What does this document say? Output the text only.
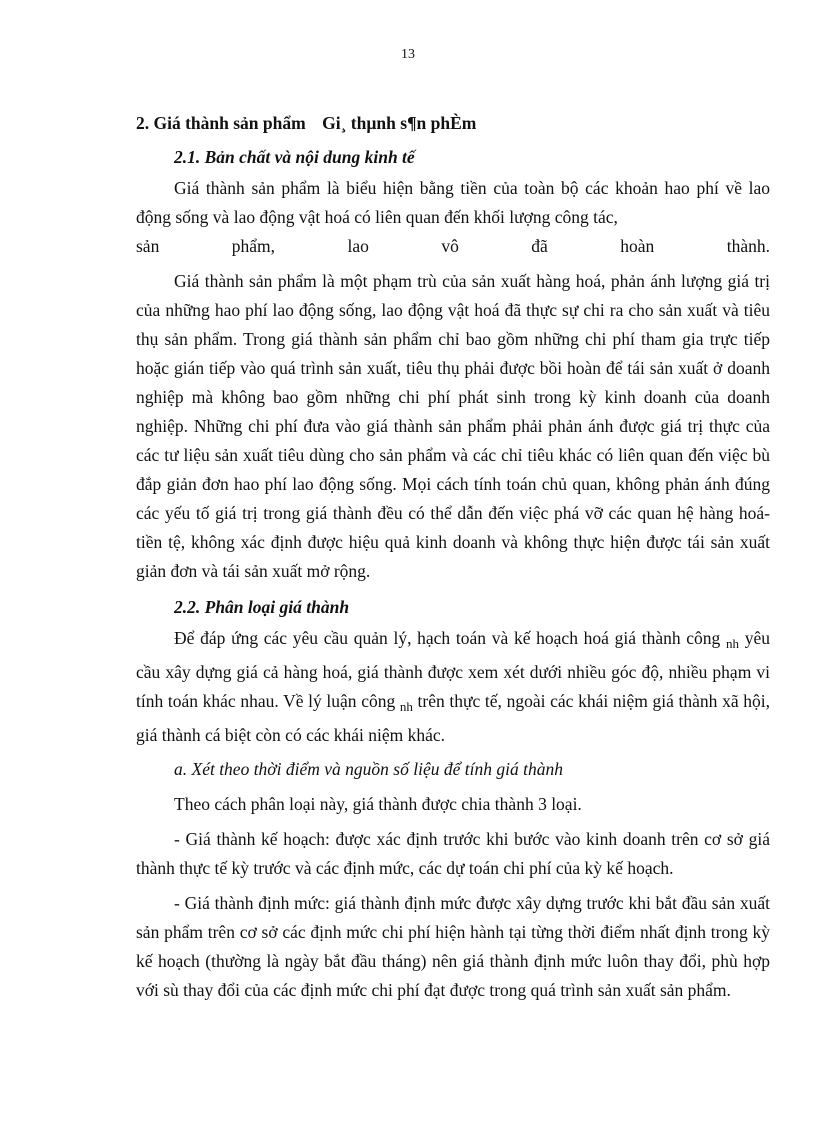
13
2. Giá thành sản phẩm Gi¸ thµnh s¶n phÈm
2.1. Bản chất và nội dung kinh tế

Giá thành sản phẩm là biểu hiện bằng tiền của toàn bộ các khoản hao phí về lao động sống và lao động vật hoá có liên quan đến khối lượng công tác,

sản phẩm, lao vô đã hoàn thành.

Giá thành sản phẩm là một phạm trù của sản xuất hàng hoá, phản ánh lượng giá trị của những hao phí lao động sống, lao động vật hoá đã thực sự chi ra cho sản xuất và tiêu thụ sản phẩm. Trong giá thành sản phẩm chỉ bao gồm những chi phí tham gia trực tiếp hoặc gián tiếp vào quá trình sản xuất, tiêu thụ phải được bồi hoàn để tái sản xuất ở doanh nghiệp mà không bao gồm những chi phí phát sinh trong kỳ kinh doanh của doanh nghiệp. Những chi phí đưa vào giá thành sản phẩm phải phản ánh được giá trị thực của các tư liệu sản xuất tiêu dùng cho sản phẩm và các chỉ tiêu khác có liên quan đến việc bù đắp giản đơn hao phí lao động sống. Mọi cách tính toán chủ quan, không phản ánh đúng các yếu tố giá trị trong giá thành đều có thể dẫn đến việc phá vỡ các quan hệ hàng hoá- tiền tệ, không xác định được hiệu quả kinh doanh và không thực hiện được tái sản xuất giản đơn và tái sản xuất mở rộng.

2.2. Phân loại giá thành

Để đáp ứng các yêu cầu quản lý, hạch toán và kế hoạch hoá giá thành công $_{nh}$ yêu cầu xây dựng giá cả hàng hoá, giá thành được xem xét dưới nhiều góc độ, nhiều phạm vi tính toán khác nhau. Về lý luận công $_{nh}$ trên thực tế, ngoài các khái niệm giá thành xã hội, giá thành cá biệt còn có các khái niệm khác.

a. Xét theo thời điểm và nguồn số liệu để tính giá thành

Theo cách phân loại này, giá thành được chia thành 3 loại.

- Giá thành kế hoạch: được xác định trước khi bước vào kinh doanh trên cơ sở giá thành thực tế kỳ trước và các định mức, các dự toán chi phí của kỳ kế hoạch.

- Giá thành định mức: giá thành định mức được xây dựng trước khi bắt đầu sản xuất sản phẩm trên cơ sở các định mức chi phí hiện hành tại từng thời điểm nhất định trong kỳ kế hoạch (thường là ngày bắt đầu tháng) nên giá thành định mức luôn thay đổi, phù hợp với sù thay đổi của các định mức chi phí đạt được trong quá trình sản xuất sản phẩm.
